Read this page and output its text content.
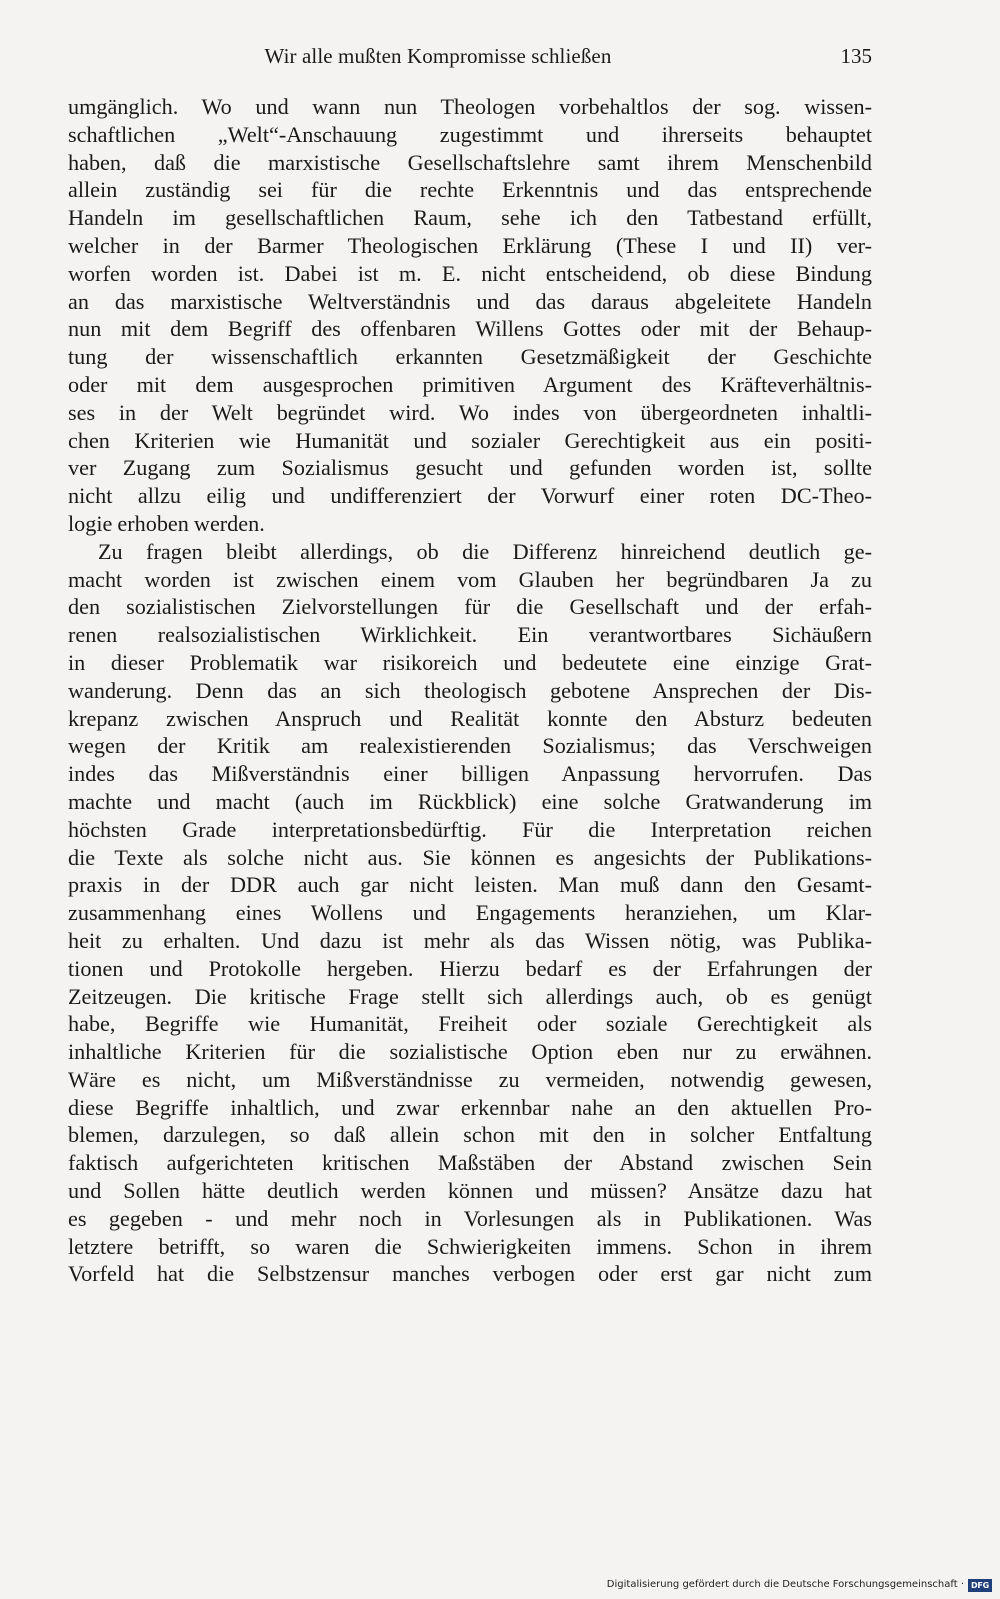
Wir alle mußten Kompromisse schließen	135
umgänglich. Wo und wann nun Theologen vorbehaltlos der sog. wissen-
schaftlichen „Welt“-Anschauung zugestimmt und ihrerseits behauptet
haben, daß die marxistische Gesellschaftslehre samt ihrem Menschenbild
allein zuständig sei für die rechte Erkenntnis und das entsprechende
Handeln im gesellschaftlichen Raum, sehe ich den Tatbestand erfüllt,
welcher in der Barmer Theologischen Erklärung (These I und II) ver-
worfen worden ist. Dabei ist m. E. nicht entscheidend, ob diese Bindung
an das marxistische Weltverständnis und das daraus abgeleitete Handeln
nun mit dem Begriff des offenbaren Willens Gottes oder mit der Behaup-
tung der wissenschaftlich erkannten Gesetzmäßigkeit der Geschichte
oder mit dem ausgesprochen primitiven Argument des Kräfteverhältnis-
ses in der Welt begründet wird. Wo indes von übergeordneten inhaltli-
chen Kriterien wie Humanität und sozialer Gerechtigkeit aus ein positi-
ver Zugang zum Sozialismus gesucht und gefunden worden ist, sollte
nicht allzu eilig und undifferenziert der Vorwurf einer roten DC-Theo-
logie erhoben werden.
Zu fragen bleibt allerdings, ob die Differenz hinreichend deutlich ge-
macht worden ist zwischen einem vom Glauben her begründbaren Ja zu
den sozialistischen Zielvorstellungen für die Gesellschaft und der erfah-
renen realsozialistischen Wirklichkeit. Ein verantwortbares Sichäußern
in dieser Problematik war risikoreich und bedeutete eine einzige Grat-
wanderung. Denn das an sich theologisch gebotene Ansprechen der Dis-
krepanz zwischen Anspruch und Realität konnte den Absturz bedeuten
wegen der Kritik am realexistierenden Sozialismus; das Verschweigen
indes das Mißverständnis einer billigen Anpassung hervorrufen. Das
machte und macht (auch im Rückblick) eine solche Gratwanderung im
höchsten Grade interpretationsbedürftig. Für die Interpretation reichen
die Texte als solche nicht aus. Sie können es angesichts der Publikations-
praxis in der DDR auch gar nicht leisten. Man muß dann den Gesamt-
zusammenhang eines Wollens und Engagements heranziehen, um Klar-
heit zu erhalten. Und dazu ist mehr als das Wissen nötig, was Publika-
tionen und Protokolle hergeben. Hierzu bedarf es der Erfahrungen der
Zeitzeugen. Die kritische Frage stellt sich allerdings auch, ob es genügt
habe, Begriffe wie Humanität, Freiheit oder soziale Gerechtigkeit als
inhaltliche Kriterien für die sozialistische Option eben nur zu erwähnen.
Wäre es nicht, um Mißverständnisse zu vermeiden, notwendig gewesen,
diese Begriffe inhaltlich, und zwar erkennbar nahe an den aktuellen Pro-
blemen, darzulegen, so daß allein schon mit den in solcher Entfaltung
faktisch aufgerichteten kritischen Maßstäben der Abstand zwischen Sein
und Sollen hätte deutlich werden können und müssen? Ansätze dazu hat
es gegeben - und mehr noch in Vorlesungen als in Publikationen. Was
letztere betrifft, so waren die Schwierigkeiten immens. Schon in ihrem
Vorfeld hat die Selbstzensur manches verbogen oder erst gar nicht zum
Digitalisierung gefördert durch die Deutsche Forschungsgemeinschaft · DFG
